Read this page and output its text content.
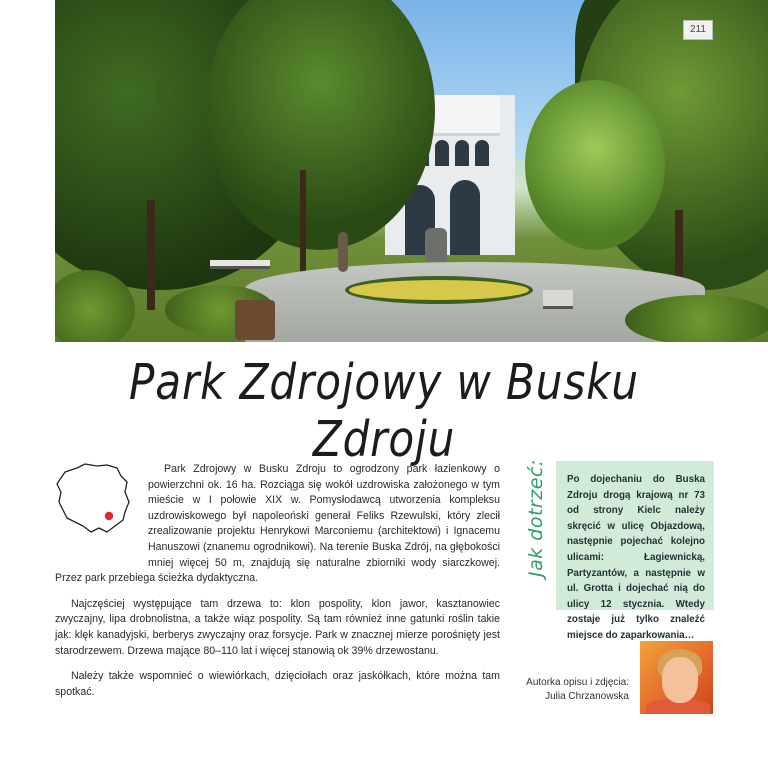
211
Park Zdrojowy w Busku Zdroju

Park Zdrojowy w Busku Zdroju to ogrodzony park łazienkowy o powierzchni ok. 16 ha. Rozciąga się wokół uzdrowiska założonego w tym mieście w I połowie XIX w. Pomysłodawcą utworzenia kompleksu uzdrowiskowego był napoleoński generał Feliks Rzewulski, który zlecił zrealizowanie projektu Henrykowi Marconiemu (architektowi) i Ignacemu Hanuszowi (znanemu ogrodnikowi). Na terenie Buska Zdrój, na głębokości mniej więcej 50 m, znajdują się naturalne zbiorniki wody siarczkowej. Przez park przebiega ścieżka dydaktyczna.

Najczęściej występujące tam drzewa to: klon pospolity, klon jawor, kasztanowiec zwyczajny, lipa drobnolistna, a także wiąz pospolity. Są tam również inne gatunki roślin takie jak: klęk kanadyjski, berberys zwyczajny oraz forsycje. Park w znacznej mierze porośnięty jest starodrzewem. Drzewa mające 80–110 lat i więcej stanowią ok 39% drzewostanu.

Należy także wspomnieć o wiewiórkach, dzięciołach oraz jaskółkach, które można tam spotkać.

Jak dotrzeć: Po dojechaniu do Buska Zdroju drogą krajową nr 73 od strony Kielc należy skręcić w ulicę Objazdową, następnie pojechać kolejno ulicami: Łagiewnicką, Partyzantów, a następnie w ul. Grotta i dojechać nią do ulicy 12 stycznia. Wtedy zostaje już tylko znaleźć miejsce do zaparkowania…

Autorka opisu i zdjęcia:
Julia Chrzanowska
